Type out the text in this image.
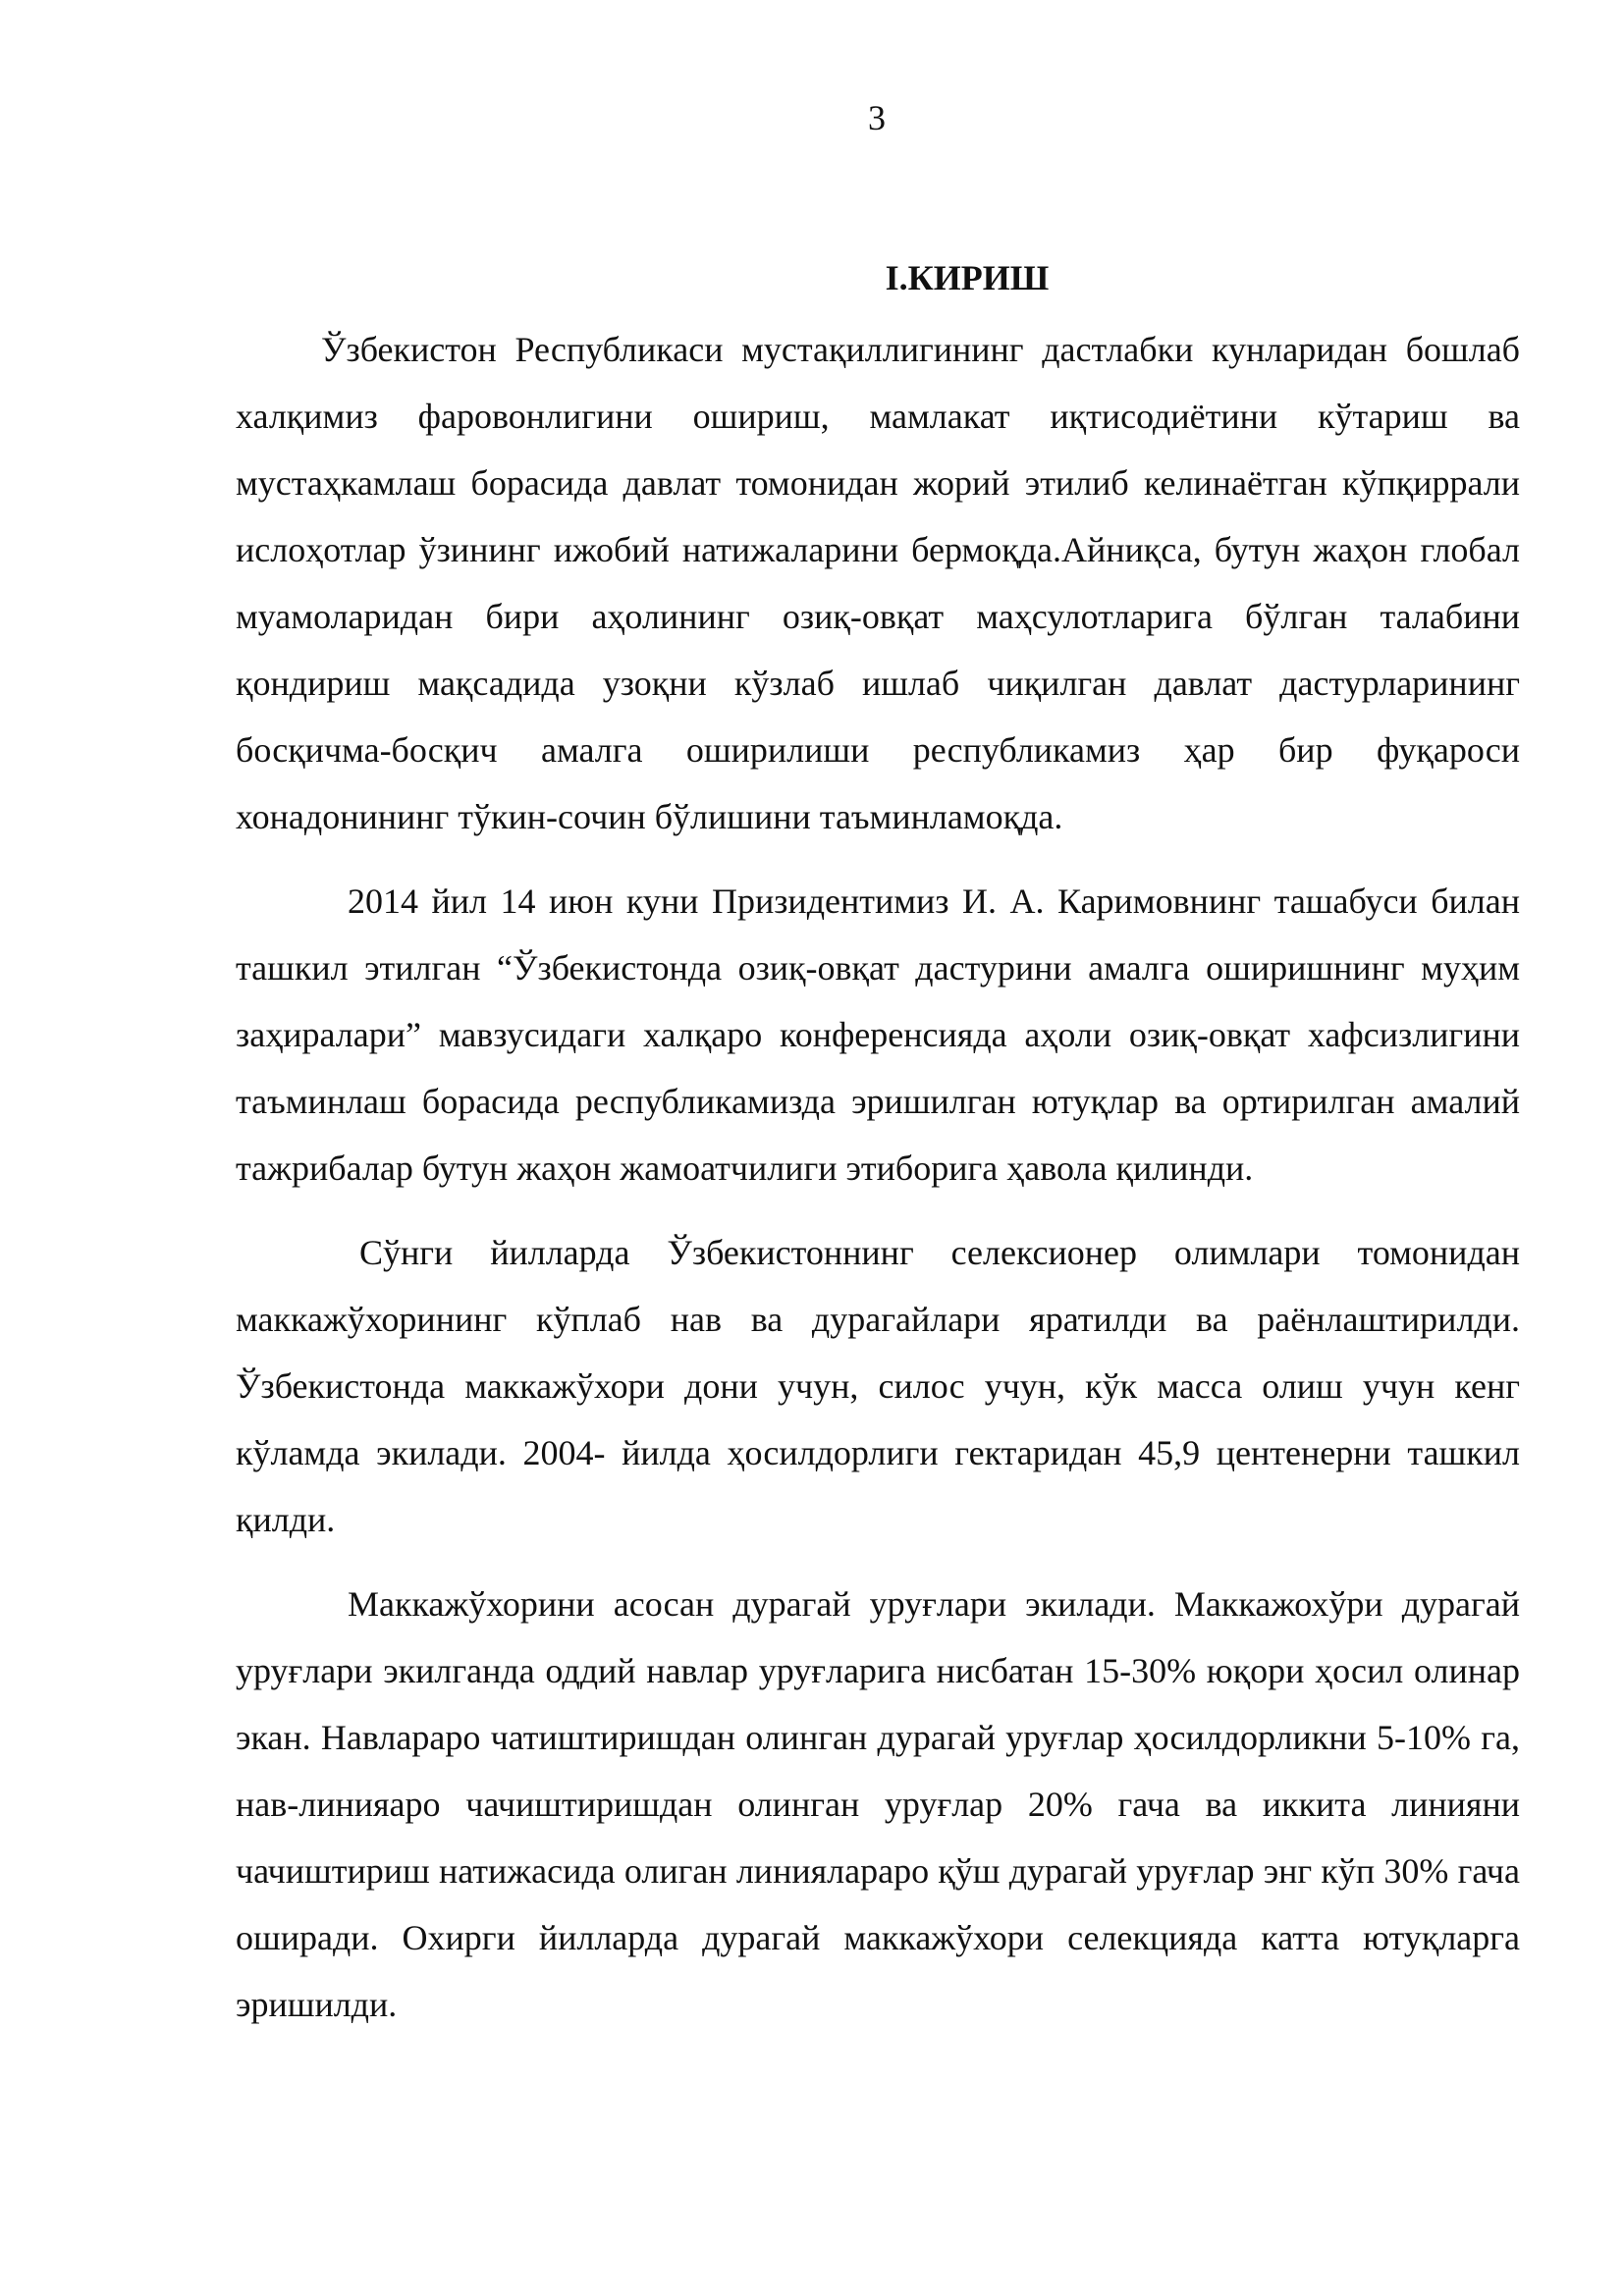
3
I.КИРИШ

Ўзбекистон Республикаси мустақиллигининг дастлабки кунларидан бошлаб халқимиз фаровонлигини ошириш, мамлакат иқтисодиётини кўтариш ва мустаҳкамлаш борасида давлат томонидан жорий этилиб келинаётган кўпқиррали ислоҳотлар ўзининг ижобий натижаларини бермоқда.Айниқса, бутун жаҳон глобал муамоларидан бири аҳолининг озиқ-овқат маҳсулотларига бўлган талабини қондириш мақсадида узоқни кўзлаб ишлаб чиқилган давлат дастурларининг босқичма-босқич амалга оширилиши республикамиз ҳар бир фуқароси хонадонининг тўкин-сочин бўлишини таъминламоқда.

2014 йил 14 июн куни Призидентимиз И. А. Каримовнинг ташабуси билан ташкил этилган “Ўзбекистонда озиқ-овқат дастурини амалга оширишнинг муҳим заҳиралари” мавзусидаги халқаро конференсияда аҳоли озиқ-овқат хафсизлигини таъминлаш борасида республикамизда эришилган ютуқлар ва ортирилган амалий тажрибалар бутун жаҳон жамоатчилиги этиборига ҳавола қилинди.

Сўнги йилларда Ўзбекистоннинг селексионер олимлари томонидан маккажўхорининг кўплаб нав ва дурагайлари яратилди ва раёнлаштирилди. Ўзбекистонда маккажўхори дони учун, силос учун, кўк масса олиш учун кенг кўламда экилади. 2004- йилда ҳосилдорлиги гектаридан 45,9 центенерни ташкил қилди.

Маккажўхорини асосан дурагай уруғлари экилади. Маккажохўри дурагай уруғлари экилганда оддий навлар уруғларига нисбатан 15-30% юқори ҳосил олинар экан. Навлараро чатиштиришдан олинган дурагай уруғлар ҳосилдорликни 5-10% га, нав-линияаро чачиштиришдан олинган уруғлар 20% гача ва иккита линияни чачиштириш натижасида олиган линиялараро қўш дурагай уруғлар энг кўп 30% гача оширади. Охирги йилларда дурагай маккажўхори селекцияда катта ютуқларга эришилди.
